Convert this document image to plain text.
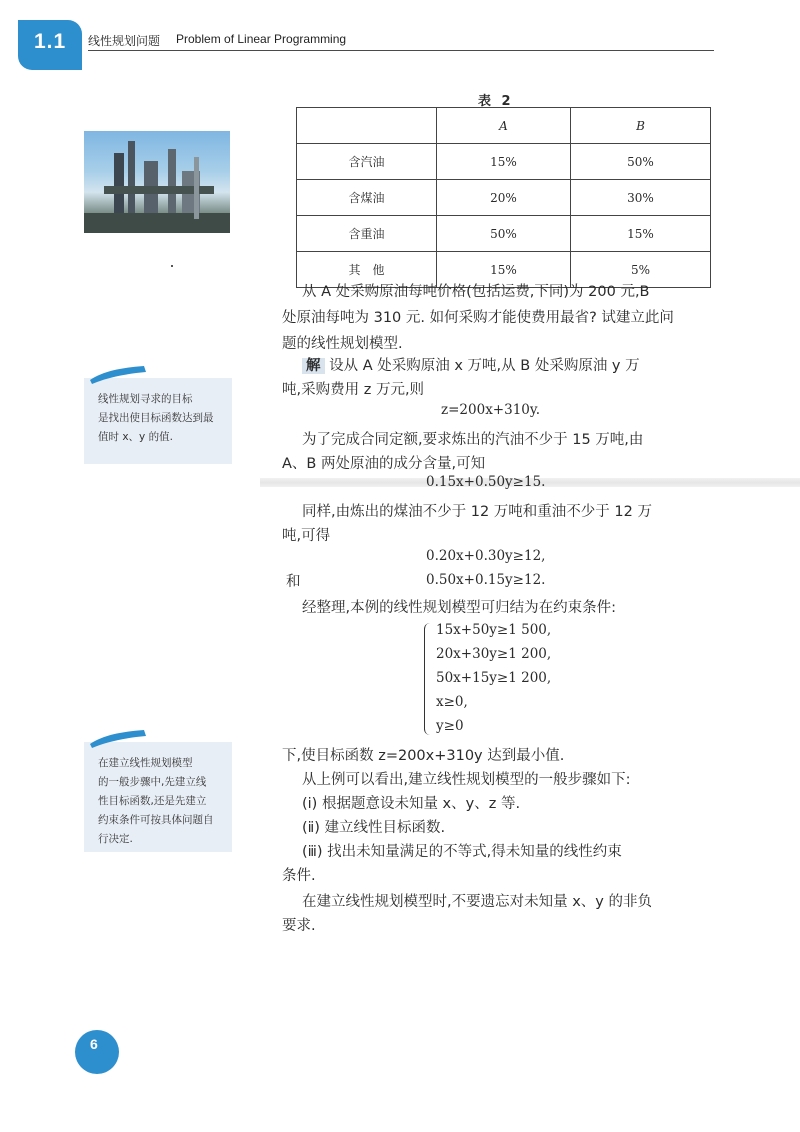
1.1 线性规划问题 Problem of Linear Programming
线性规划寻求的目标
是找出使目标函数达到最
值时 x、y 的值.
在建立线性规划模型
的一般步骤中,先建立线
性目标函数,还是先建立
约束条件可按具体问题自
行决定.
表 2
	A	B
含汽油	15%	50%
含煤油	20%	30%
含重油	50%	15%
其　他	15%	5%
从 A 处采购原油每吨价格(包括运费,下同)为 200 元,B
处原油每吨为 310 元. 如何采购才能使费用最省? 试建立此问
题的线性规划模型.
解 设从 A 处采购原油 x 万吨,从 B 处采购原油 y 万
吨,采购费用 z 万元,则
z=200x+310y.
为了完成合同定额,要求炼出的汽油不少于 15 万吨,由
A、B 两处原油的成分含量,可知
0.15x+0.50y≥15.
同样,由炼出的煤油不少于 12 万吨和重油不少于 12 万
吨,可得
0.20x+0.30y≥12,
和	0.50x+0.15y≥12.
经整理,本例的线性规划模型可归结为在约束条件:
15x+50y≥1 500,
20x+30y≥1 200,
50x+15y≥1 200,
x≥0,
y≥0
下,使目标函数 z=200x+310y 达到最小值.
从上例可以看出,建立线性规划模型的一般步骤如下:
(ⅰ) 根据题意设未知量 x、y、z 等.
(ⅱ) 建立线性目标函数.
(ⅲ) 找出未知量满足的不等式,得未知量的线性约束
条件.
在建立线性规划模型时,不要遗忘对未知量 x、y 的非负
要求.
6
